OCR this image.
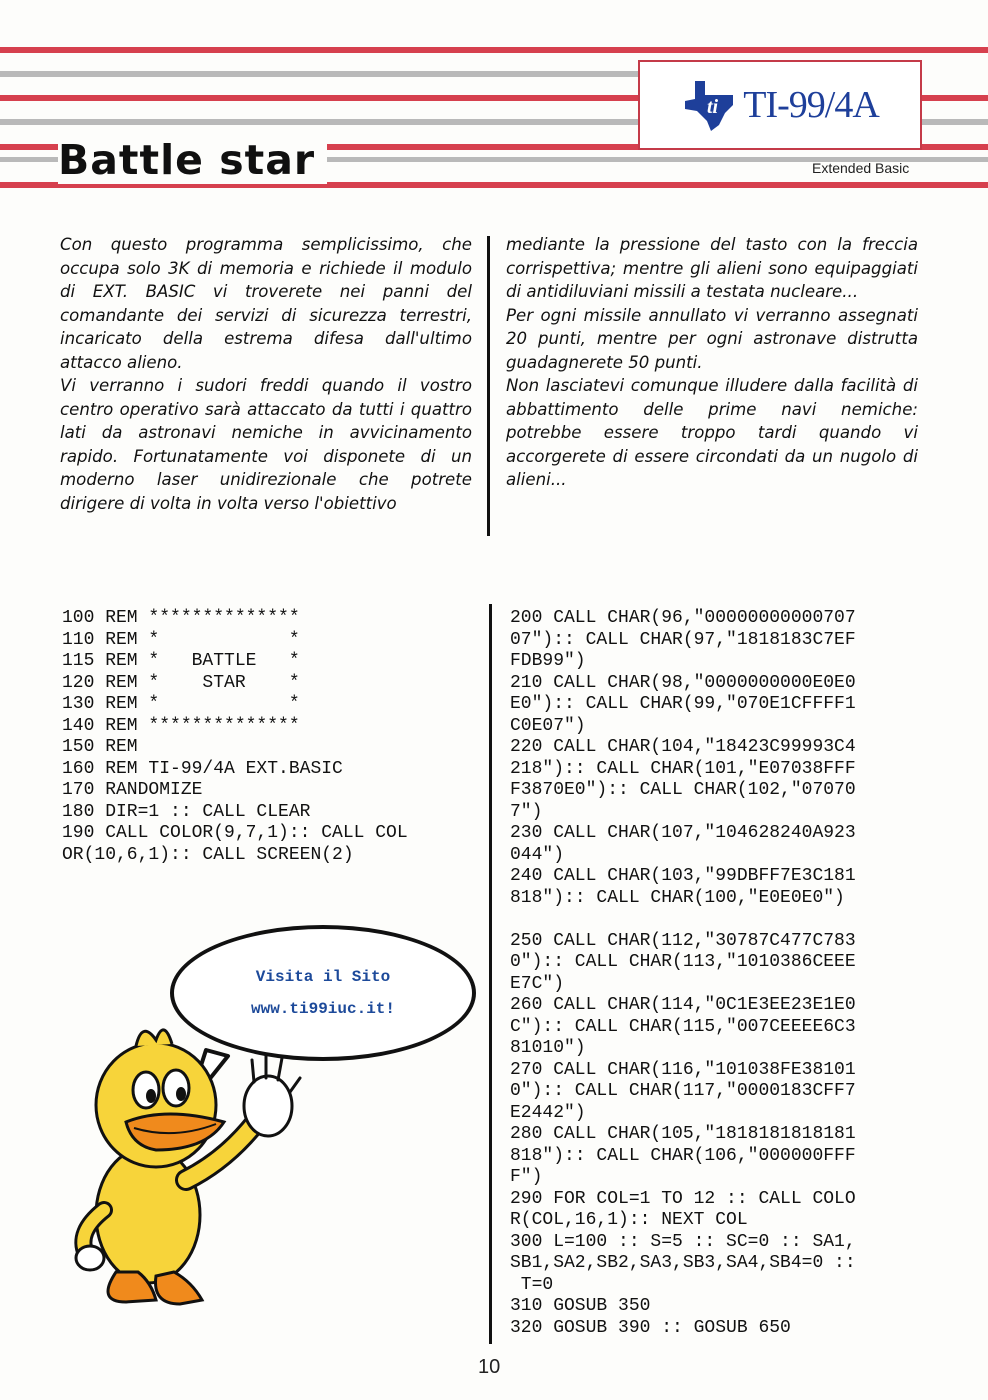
ti TI-99/4A
Battle star	Extended Basic

Con questo programma semplicissimo, che occupa solo 3K di memoria e richiede il modulo di EXT. BASIC vi troverete nei panni del comandante dei servizi di sicurezza terrestri, incaricato della estrema difesa dall'ultimo attacco alieno.

Vi verranno i sudori freddi quando il vostro centro operativo sarà attaccato da tutti i quattro lati da astronavi nemiche in avvicinamento rapido. Fortunatamente voi disponete di un moderno laser unidirezionale che potrete dirigere di volta in volta verso l'obiettivo

mediante la pressione del tasto con la freccia corrispettiva; mentre gli alieni sono equipaggiati di antidiluviani missili a testata nucleare...

Per ogni missile annullato vi verranno assegnati 20 punti, mentre per ogni astronave distrutta guadagnerete 50 punti.

Non lasciatevi comunque illudere dalla facilità di abbattimento delle prime navi nemiche: potrebbe essere troppo tardi quando vi accorgerete di essere circondati da un nugolo di alieni...

100 REM **************
110 REM *            *
115 REM *   BATTLE   *
120 REM *    STAR    *
130 REM *            *
140 REM **************
150 REM
160 REM TI-99/4A EXT.BASIC
170 RANDOMIZE
180 DIR=1 :: CALL CLEAR
190 CALL COLOR(9,7,1):: CALL COL
OR(10,6,1):: CALL SCREEN(2)
200 CALL CHAR(96,"00000000000707
07"):: CALL CHAR(97,"1818183C7EF
FDB99")
210 CALL CHAR(98,"0000000000E0E0
E0"):: CALL CHAR(99,"070E1CFFFF1
C0E07")
220 CALL CHAR(104,"18423C99993C4
218"):: CALL CHAR(101,"E07038FFF
F3870E0"):: CALL CHAR(102,"07070
7")
230 CALL CHAR(107,"104628240A923
044")
240 CALL CHAR(103,"99DBFF7E3C181
818"):: CALL CHAR(100,"E0E0E0")

250 CALL CHAR(112,"30787C477C783
0"):: CALL CHAR(113,"1010386CEEE
E7C")
260 CALL CHAR(114,"0C1E3EE23E1E0
C"):: CALL CHAR(115,"007CEEEE6C3
81010")
270 CALL CHAR(116,"101038FE38101
0"):: CALL CHAR(117,"0000183CFF7
E2442")
280 CALL CHAR(105,"1818181818181
818"):: CALL CHAR(106,"000000FFF
F")
290 FOR COL=1 TO 12 :: CALL COLO
R(COL,16,1):: NEXT COL
300 L=100 :: S=5 :: SC=0 :: SA1,
SB1,SA2,SB2,SA3,SB3,SA4,SB4=0 ::
T=0
310 GOSUB 350
320 GOSUB 390 :: GOSUB 650
Visita il Sito
www.ti99iuc.it!
10
